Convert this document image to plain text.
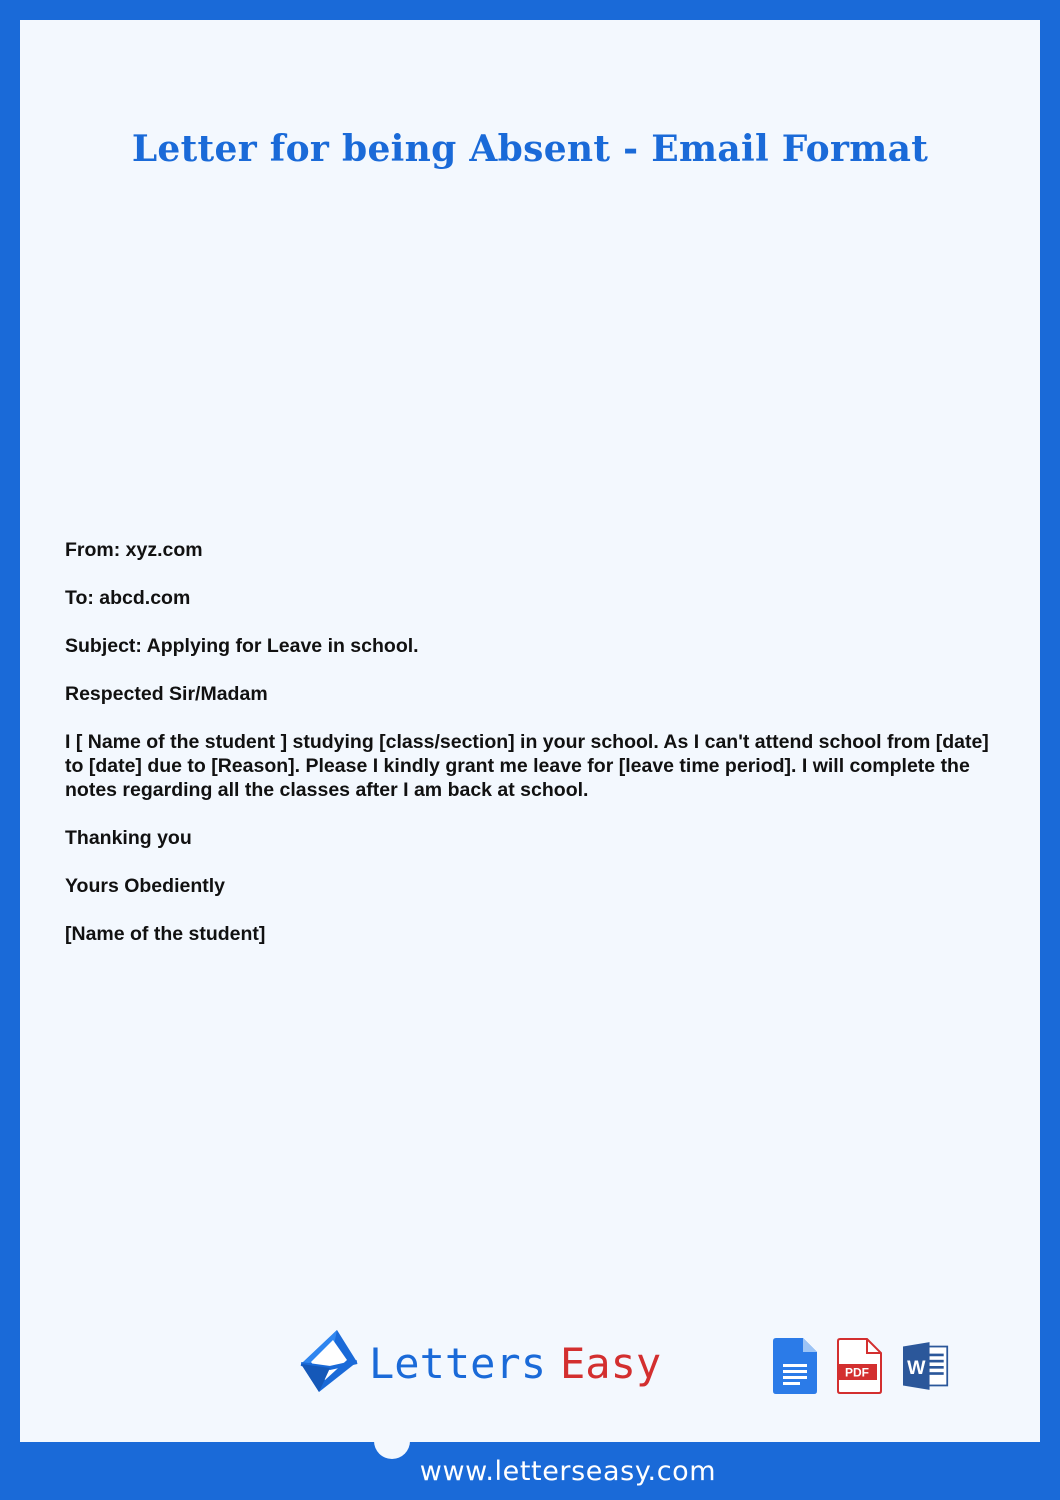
Letter for being Absent - Email Format

From: xyz.com

To: abcd.com

Subject: Applying for Leave in school.

Respected Sir/Madam

I [ Name of the student ] studying [class/section] in your school. As I can't attend school from [date] to [date] due to [Reason]. Please I kindly grant me leave for [leave time period]. I will complete the notes regarding all the classes after I am back at school.

Thanking you

Yours Obediently

[Name of the student]

Letters Easy	PDF W
www.letterseasy.com
